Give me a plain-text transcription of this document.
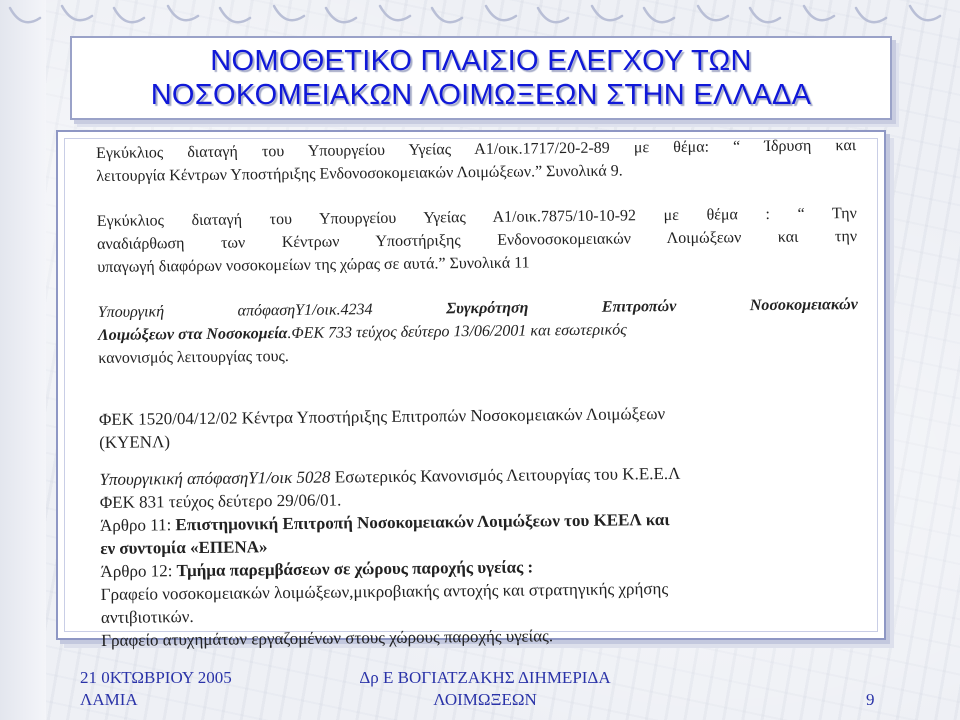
ΝΟΜΟΘΕΤΙΚΟ ΠΛΑΙΣΙΟ ΕΛΕΓΧΟΥ ΤΩΝ
ΝΟΣΟΚΟΜΕΙΑΚΩΝ ΛΟΙΜΩΞΕΩΝ ΣΤΗΝ ΕΛΛΑΔΑ
Εγκύκλιος διαταγή του Υπουργείου Υγείας Α1/οικ.1717/20-2-89 με θέμα: “ Ίδρυση και
λειτουργία Κέντρων Υποστήριξης Ενδονοσοκομειακών Λοιμώξεων.” Συνολικά 9.
Εγκύκλιος διαταγή του Υπουργείου Υγείας Α1/οικ.7875/10-10-92 με θέμα : “ Την
αναδιάρθωση των Κέντρων Υποστήριξης Ενδονοσοκομειακών Λοιμώξεων και την
υπαγωγή διαφόρων νοσοκομείων της χώρας σε αυτά.” Συνολικά 11
Υπουργική απόφασηΥ1/οικ.4234	Συγκρότηση Επιτροπών Νοσοκομειακών
Λοιμώξεων στα Νοσοκομεία.ΦΕΚ 733 τεύχος δεύτερο 13/06/2001 και εσωτερικός
κανονισμός λειτουργίας τους.
ΦΕΚ 1520/04/12/02 Κέντρα Υποστήριξης Επιτροπών Νοσοκομειακών Λοιμώξεων
(ΚΥΕΝΛ)
Υπουργικική απόφασηΥ1/οικ 5028 Εσωτερικός Κανονισμός Λειτουργίας του Κ.Ε.Ε.Λ
ΦΕΚ 831 τεύχος δεύτερο 29/06/01.
Άρθρο 11: Επιστημονική Επιτροπή Νοσοκομειακών Λοιμώξεων του ΚΕΕΛ και
εν συντομία «ΕΠΕΝΑ»
Άρθρο 12: Τμήμα παρεμβάσεων σε χώρους παροχής υγείας :
Γραφείο νοσοκομειακών λοιμώξεων,μικροβιακής αντοχής και στρατηγικής χρήσης
αντιβιοτικών.
Γραφείο ατυχημάτων εργαζομένων στους χώρους παροχής υγείας.
21 0ΚΤΩΒΡΙΟΥ 2005
ΛΑΜΙΑ
Δρ Ε ΒΟΓΙΑΤΖΑΚΗΣ ΔΙΗΜΕΡΙΔΑ
ΛΟΙΜΩΞΕΩΝ	9
